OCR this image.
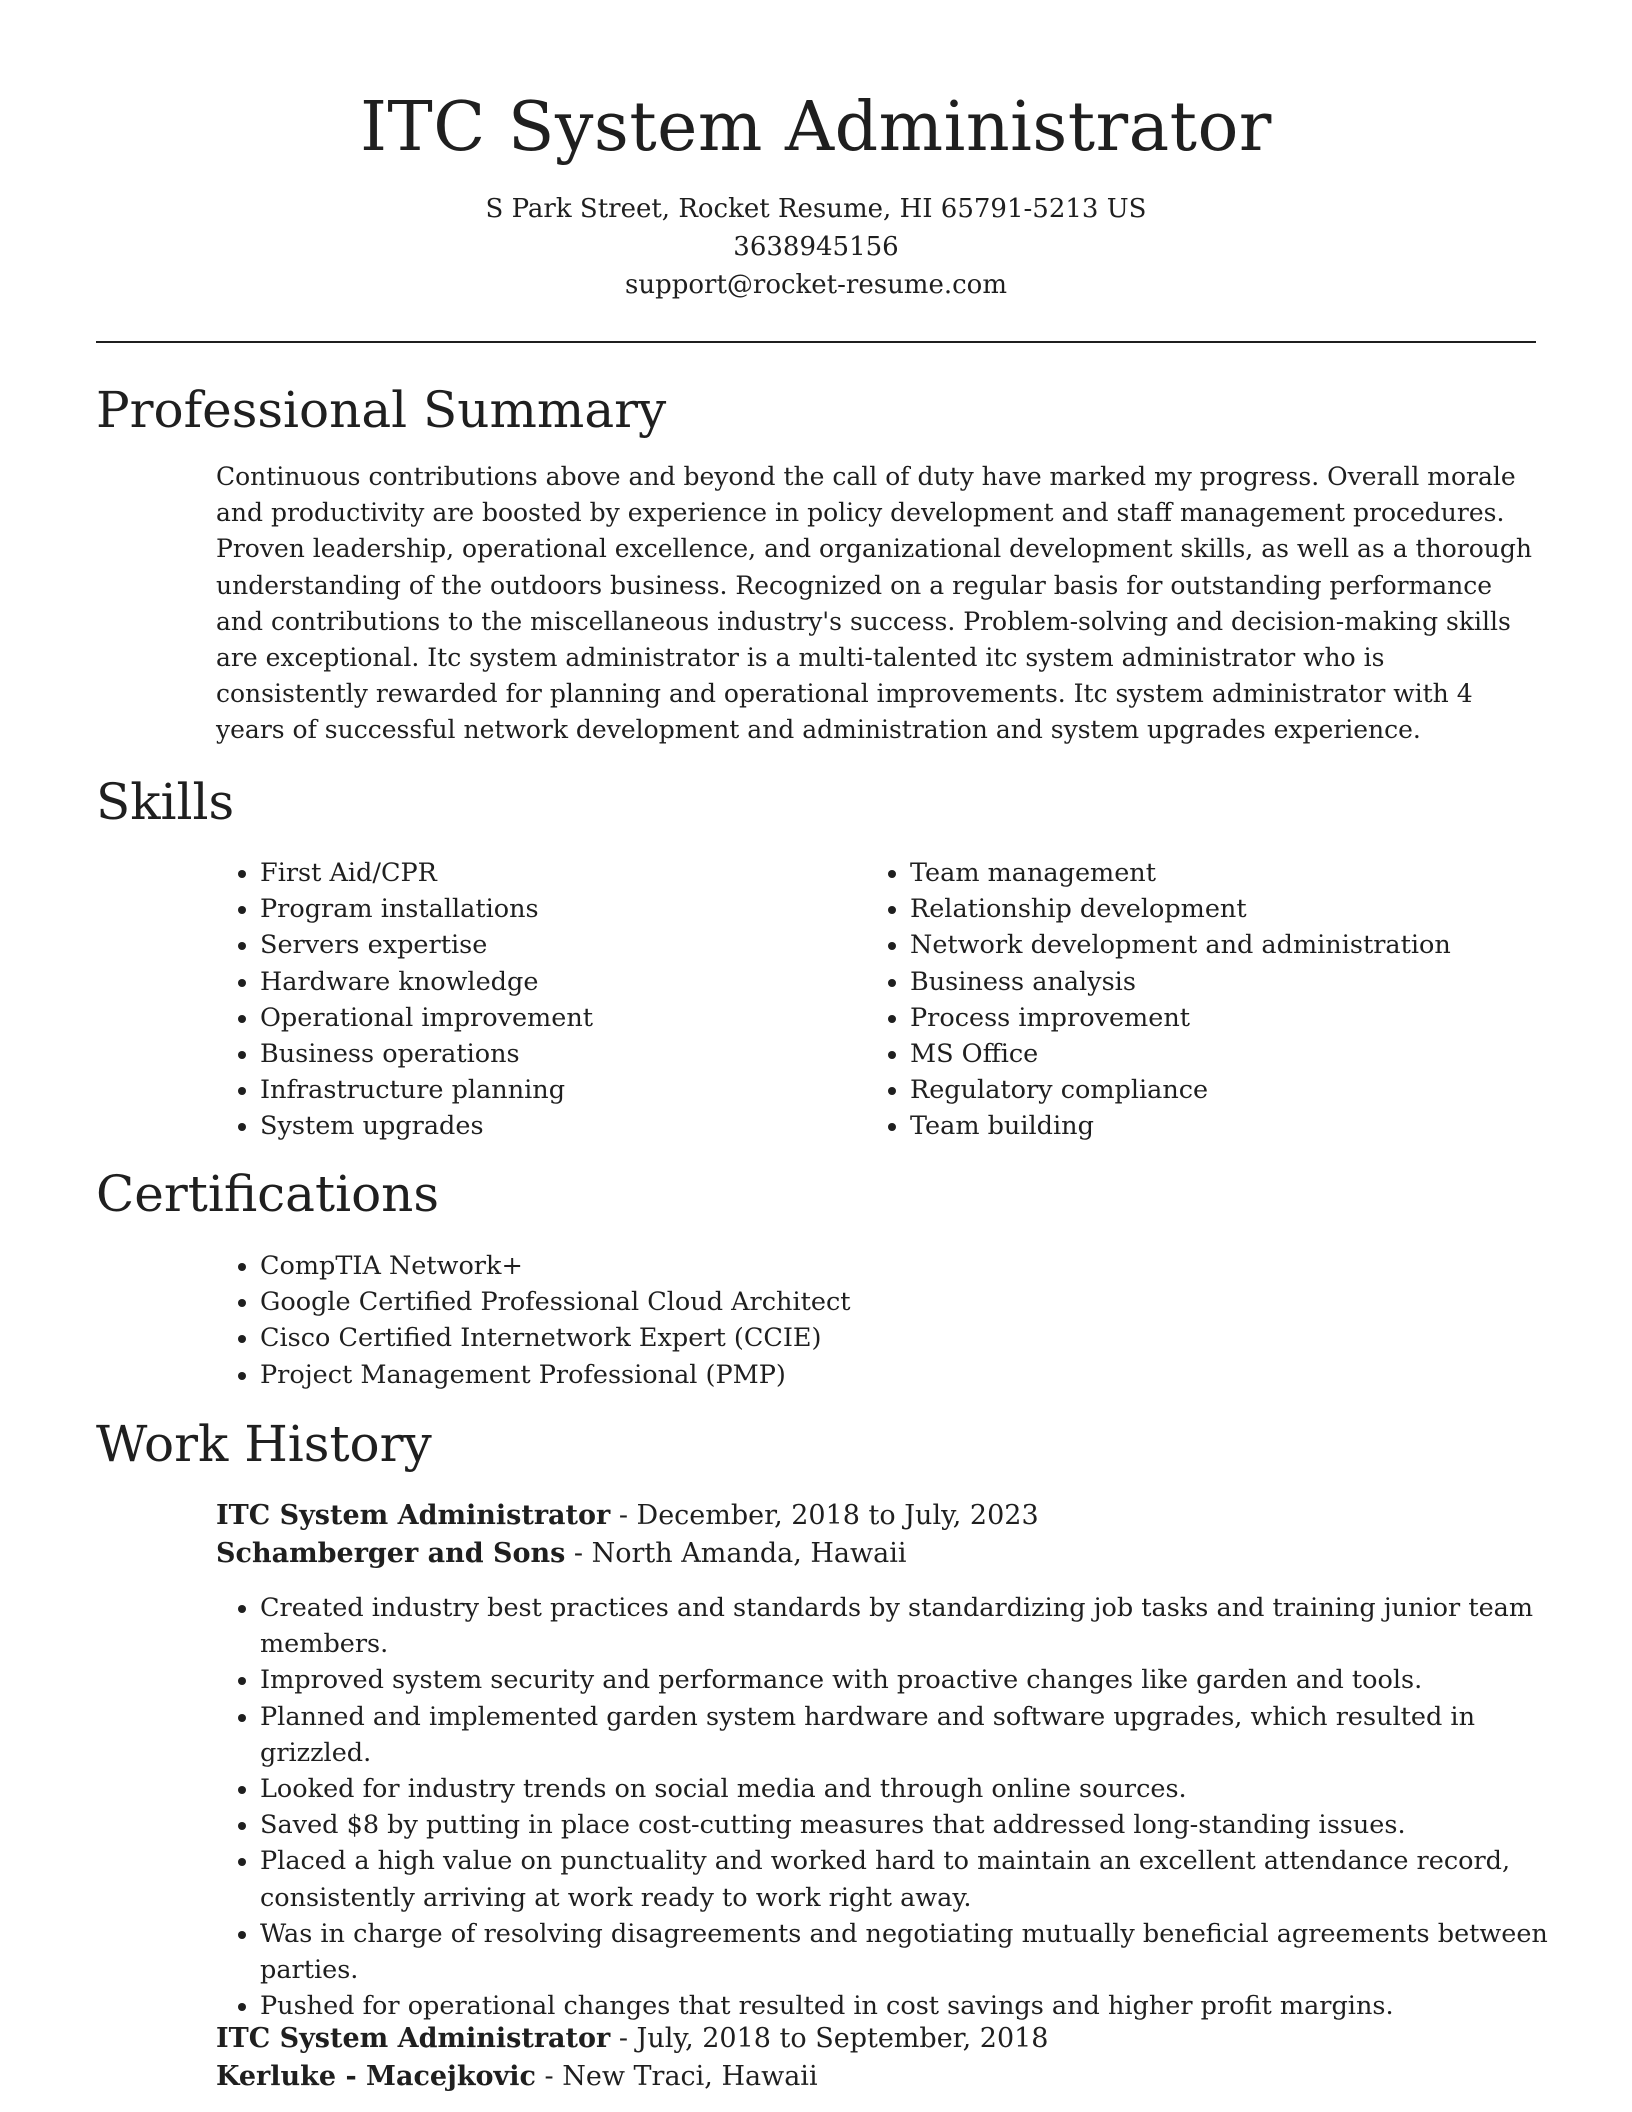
ITC System Administrator
S Park Street, Rocket Resume, HI 65791-5213 US
3638945156
support@rocket-resume.com
Professional Summary

Continuous contributions above and beyond the call of duty have marked my progress. Overall morale and productivity are boosted by experience in policy development and staff management procedures. Proven leadership, operational excellence, and organizational development skills, as well as a thorough understanding of the outdoors business. Recognized on a regular basis for outstanding performance and contributions to the miscellaneous industry's success. Problem-solving and decision-making skills are exceptional. Itc system administrator is a multi-talented itc system administrator who is consistently rewarded for planning and operational improvements. Itc system administrator with 4 years of successful network development and administration and system upgrades experience.

Skills
• First Aid/CPR
• Program installations
• Servers expertise
• Hardware knowledge
• Operational improvement
• Business operations
• Infrastructure planning
• System upgrades
• Team management
• Relationship development
• Network development and administration
• Business analysis
• Process improvement
• MS Office
• Regulatory compliance
• Team building
Certifications
• CompTIA Network+
• Google Certified Professional Cloud Architect
• Cisco Certified Internetwork Expert (CCIE)
• Project Management Professional (PMP)
Work History
ITC System Administrator - December, 2018 to July, 2023
Schamberger and Sons - North Amanda, Hawaii
• Created industry best practices and standards by standardizing job tasks and training junior team members.
• Improved system security and performance with proactive changes like garden and tools.
• Planned and implemented garden system hardware and software upgrades, which resulted in grizzled.
• Looked for industry trends on social media and through online sources.
• Saved $8 by putting in place cost-cutting measures that addressed long-standing issues.
• Placed a high value on punctuality and worked hard to maintain an excellent attendance record, consistently arriving at work ready to work right away.
• Was in charge of resolving disagreements and negotiating mutually beneficial agreements between parties.
• Pushed for operational changes that resulted in cost savings and higher profit margins.
ITC System Administrator - July, 2018 to September, 2018
Kerluke - Macejkovic - New Traci, Hawaii
